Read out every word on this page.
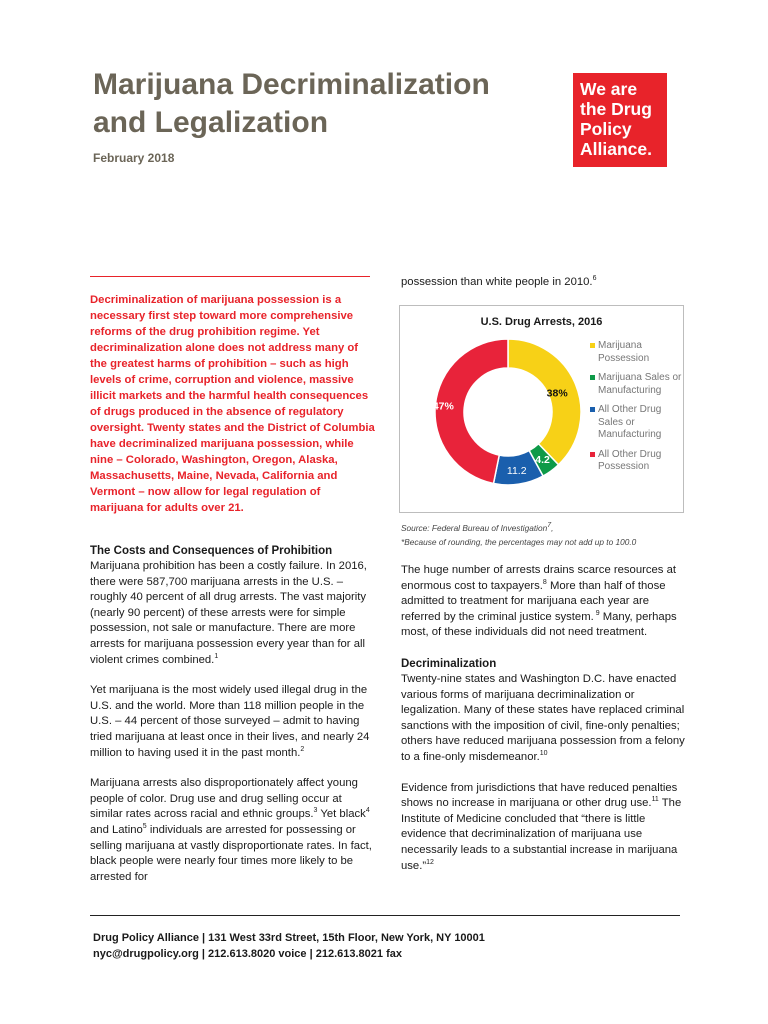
Marijuana Decriminalization and Legalization
February 2018
We are
the Drug
Policy
Alliance.
Decriminalization of marijuana possession is a necessary first step toward more comprehensive reforms of the drug prohibition regime. Yet decriminalization alone does not address many of the greatest harms of prohibition – such as high levels of crime, corruption and violence, massive illicit markets and the harmful health consequences of drugs produced in the absence of regulatory oversight. Twenty states and the District of Columbia have decriminalized marijuana possession, while nine – Colorado, Washington, Oregon, Alaska, Massachusetts, Maine, Nevada, California and Vermont – now allow for legal regulation of marijuana for adults over 21.
The Costs and Consequences of Prohibition

Marijuana prohibition has been a costly failure. In 2016, there were 587,700 marijuana arrests in the U.S. – roughly 40 percent of all drug arrests. The vast majority (nearly 90 percent) of these arrests were for simple possession, not sale or manufacture. There are more arrests for marijuana possession every year than for all violent crimes combined.$^1$

Yet marijuana is the most widely used illegal drug in the U.S. and the world. More than 118 million people in the U.S. – 44 percent of those surveyed – admit to having tried marijuana at least once in their lives, and nearly 24 million to having used it in the past month.$^2$

Marijuana arrests also disproportionately affect young people of color. Drug use and drug selling occur at similar rates across racial and ethnic groups.$^3$ Yet black$^4$ and Latino$^5$ individuals are arrested for possessing or selling marijuana at vastly disproportionate rates. In fact, black people were nearly four times more likely to be arrested for

possession than white people in 2010.$^6$

U.S. Drug Arrests, 2016
38%
4.2
11.2
47%
Marijuana Possession
Marijuana Sales or Manufacturing
All Other Drug Sales or Manufacturing
All Other Drug Possession
Source: Federal Bureau of Investigation$^7$,
*Because of rounding, the percentages may not add up to 100.0

The huge number of arrests drains scarce resources at enormous cost to taxpayers.$^8$ More than half of those admitted to treatment for marijuana each year are referred by the criminal justice system. $^9$ Many, perhaps most, of these individuals did not need treatment.

Decriminalization

Twenty-nine states and Washington D.C. have enacted various forms of marijuana decriminalization or legalization. Many of these states have replaced criminal sanctions with the imposition of civil, fine-only penalties; others have reduced marijuana possession from a felony to a fine-only misdemeanor.$^{10}$

Evidence from jurisdictions that have reduced penalties shows no increase in marijuana or other drug use.$^{11}$ The Institute of Medicine concluded that “there is little evidence that decriminalization of marijuana use necessarily leads to a substantial increase in marijuana use.”$^{12}$

Drug Policy Alliance | 131 West 33rd Street, 15th Floor, New York, NY 10001
nyc@drugpolicy.org | 212.613.8020 voice | 212.613.8021 fax
